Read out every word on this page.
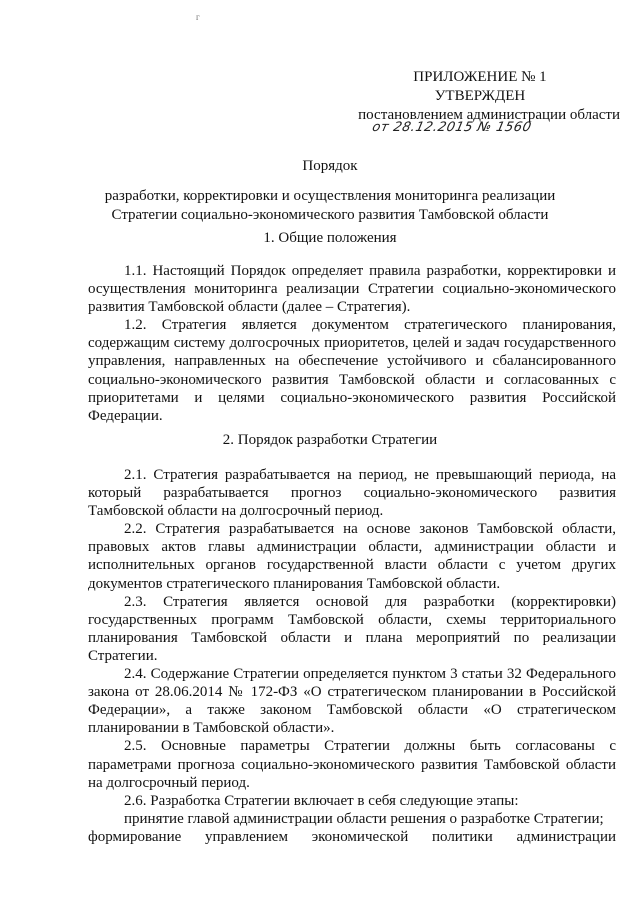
г
ПРИЛОЖЕНИЕ № 1
УТВЕРЖДЕН
постановлением администрации области
от 28.12.2015 № 1560
Порядок
разработки, корректировки и осуществления мониторинга реализации
Стратегии социально-экономического развития Тамбовской области
1. Общие положения

1.1. Настоящий Порядок определяет правила разработки, корректировки и осуществления мониторинга реализации Стратегии социально-экономического развития Тамбовской области (далее – Стратегия).

1.2. Стратегия является документом стратегического планирования, содержащим систему долгосрочных приоритетов, целей и задач государственного управления, направленных на обеспечение устойчивого и сбалансированного социально-экономического развития Тамбовской области и согласованных с приоритетами и целями социально-экономического развития Российской Федерации.

2. Порядок разработки Стратегии

2.1. Стратегия разрабатывается на период, не превышающий периода, на который разрабатывается прогноз социально-экономического развития Тамбовской области на долгосрочный период.

2.2. Стратегия разрабатывается на основе законов Тамбовской области, правовых актов главы администрации области, администрации области и исполнительных органов государственной власти области с учетом других документов стратегического планирования Тамбовской области.

2.3. Стратегия является основой для разработки (корректировки) государственных программ Тамбовской области, схемы территориального планирования Тамбовской области и плана мероприятий по реализации Стратегии.

2.4. Содержание Стратегии определяется пунктом 3 статьи 32 Федерального закона от 28.06.2014 № 172-ФЗ «О стратегическом планировании в Российской Федерации», а также законом Тамбовской области «О стратегическом планировании в Тамбовской области».

2.5. Основные параметры Стратегии должны быть согласованы с параметрами прогноза социально-экономического развития Тамбовской области на долгосрочный период.

2.6. Разработка Стратегии включает в себя следующие этапы:

принятие главой администрации области решения о разработке Стратегии;

формирование управлением экономической политики администрации
